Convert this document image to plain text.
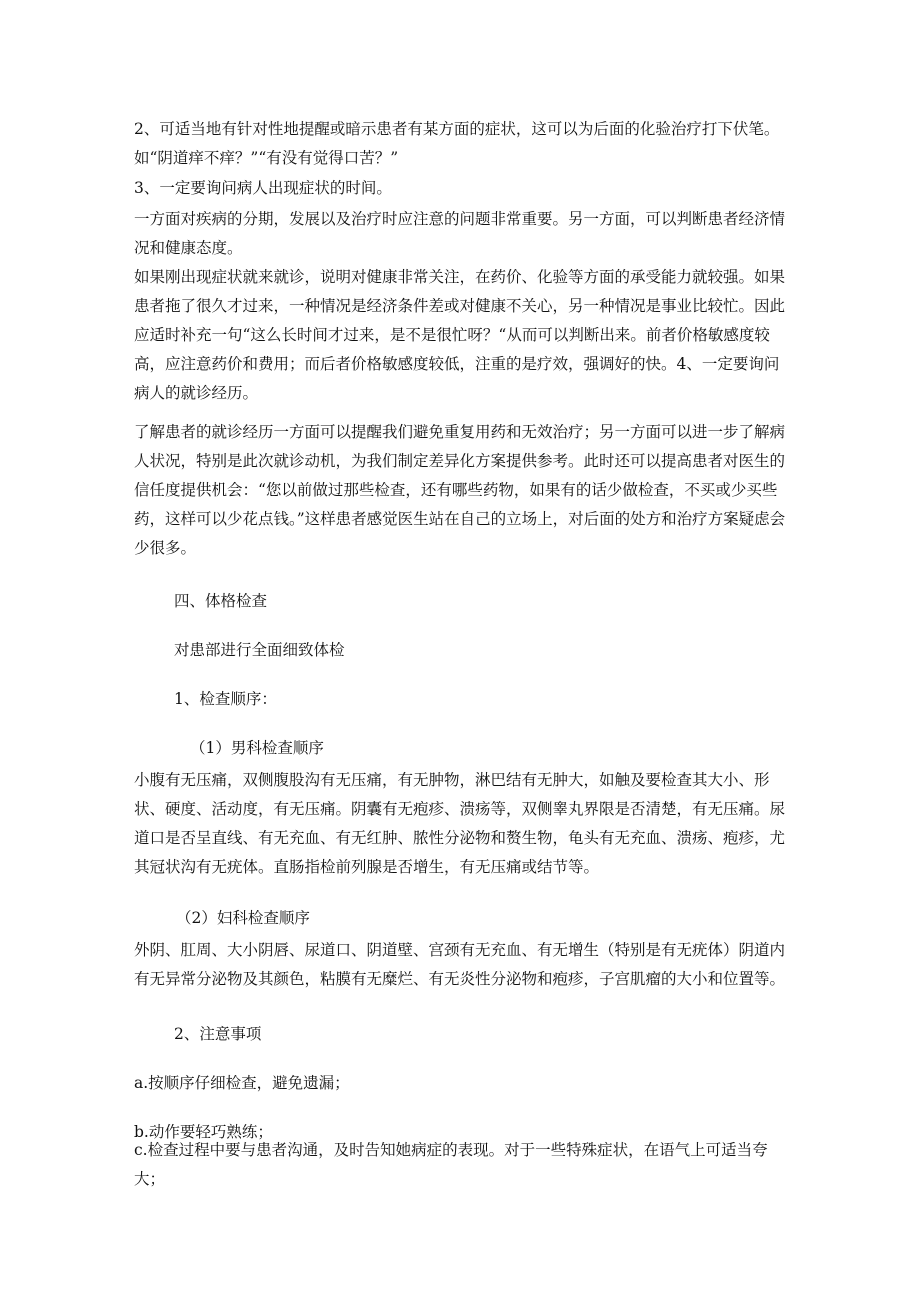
2、可适当地有针对性地提醒或暗示患者有某方面的症状，这可以为后面的化验治疗打下伏笔。
如“阴道痒不痒？”“有没有觉得口苦？”
3、一定要询问病人出现症状的时间。
一方面对疾病的分期，发展以及治疗时应注意的问题非常重要。另一方面，可以判断患者经济情况和健康态度。
如果刚出现症状就来就诊，说明对健康非常关注，在药价、化验等方面的承受能力就较强。如果患者拖了很久才过来，一种情况是经济条件差或对健康不关心，另一种情况是事业比较忙。因此应适时补充一句“这么长时间才过来，是不是很忙呀？“从而可以判断出来。前者价格敏感度较高，应注意药价和费用；而后者价格敏感度较低，注重的是疗效，强调好的快。4、一定要询问病人的就诊经历。
了解患者的就诊经历一方面可以提醒我们避免重复用药和无效治疗；另一方面可以进一步了解病人状况，特别是此次就诊动机，为我们制定差异化方案提供参考。此时还可以提高患者对医生的信任度提供机会：“您以前做过那些检查，还有哪些药物，如果有的话少做检查，不买或少买些药，这样可以少花点钱。”这样患者感觉医生站在自己的立场上，对后面的处方和治疗方案疑虑会少很多。
四、体格检查
对患部进行全面细致体检
1、检查顺序：
（1）男科检查顺序
小腹有无压痛，双侧腹股沟有无压痛，有无肿物，淋巴结有无肿大，如触及要检查其大小、形状、硬度、活动度，有无压痛。阴囊有无疱疹、溃疡等，双侧睾丸界限是否清楚，有无压痛。尿道口是否呈直线、有无充血、有无红肿、脓性分泌物和赘生物，龟头有无充血、溃疡、疱疹，尤其冠状沟有无疣体。直肠指检前列腺是否增生，有无压痛或结节等。
（2）妇科检查顺序
外阴、肛周、大小阴唇、尿道口、阴道壁、宫颈有无充血、有无增生（特别是有无疣体）阴道内有无异常分泌物及其颜色，粘膜有无糜烂、有无炎性分泌物和疱疹，子宫肌瘤的大小和位置等。
2、注意事项
a.按顺序仔细检查，避免遗漏；
b.动作要轻巧熟练；
c.检查过程中要与患者沟通，及时告知她病症的表现。对于一些特殊症状，在语气上可适当夸大；
